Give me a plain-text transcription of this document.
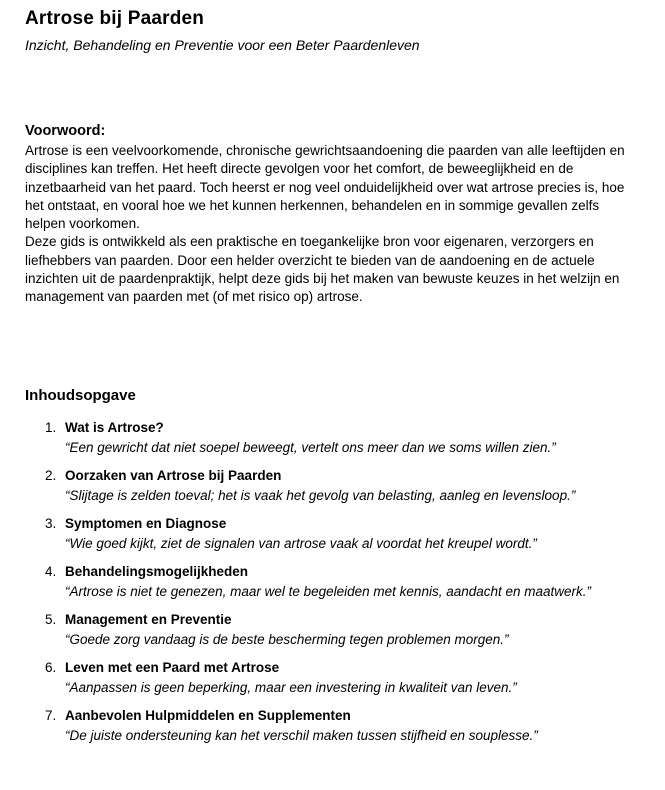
Artrose bij Paarden

Inzicht, Behandeling en Preventie voor een Beter Paardenleven

Voorwoord:
Artrose is een veelvoorkomende, chronische gewrichtsaandoening die paarden van alle leeftijden en disciplines kan treffen. Het heeft directe gevolgen voor het comfort, de beweeglijkheid en de inzetbaarheid van het paard. Toch heerst er nog veel onduidelijkheid over wat artrose precies is, hoe het ontstaat, en vooral hoe we het kunnen herkennen, behandelen en in sommige gevallen zelfs helpen voorkomen.
Deze gids is ontwikkeld als een praktische en toegankelijke bron voor eigenaren, verzorgers en liefhebbers van paarden. Door een helder overzicht te bieden van de aandoening en de actuele inzichten uit de paardenpraktijk, helpt deze gids bij het maken van bewuste keuzes in het welzijn en management van paarden met (of met risico op) artrose.
Inhoudsopgave
1. Wat is Artrose?
“Een gewricht dat niet soepel beweegt, vertelt ons meer dan we soms willen zien.”
2. Oorzaken van Artrose bij Paarden
“Slijtage is zelden toeval; het is vaak het gevolg van belasting, aanleg en levensloop.”
3. Symptomen en Diagnose
“Wie goed kijkt, ziet de signalen van artrose vaak al voordat het kreupel wordt.”
4. Behandelingsmogelijkheden
“Artrose is niet te genezen, maar wel te begeleiden met kennis, aandacht en maatwerk.”
5. Management en Preventie
“Goede zorg vandaag is de beste bescherming tegen problemen morgen.”
6. Leven met een Paard met Artrose
“Aanpassen is geen beperking, maar een investering in kwaliteit van leven.”
7. Aanbevolen Hulpmiddelen en Supplementen
“De juiste ondersteuning kan het verschil maken tussen stijfheid en souplesse.”
